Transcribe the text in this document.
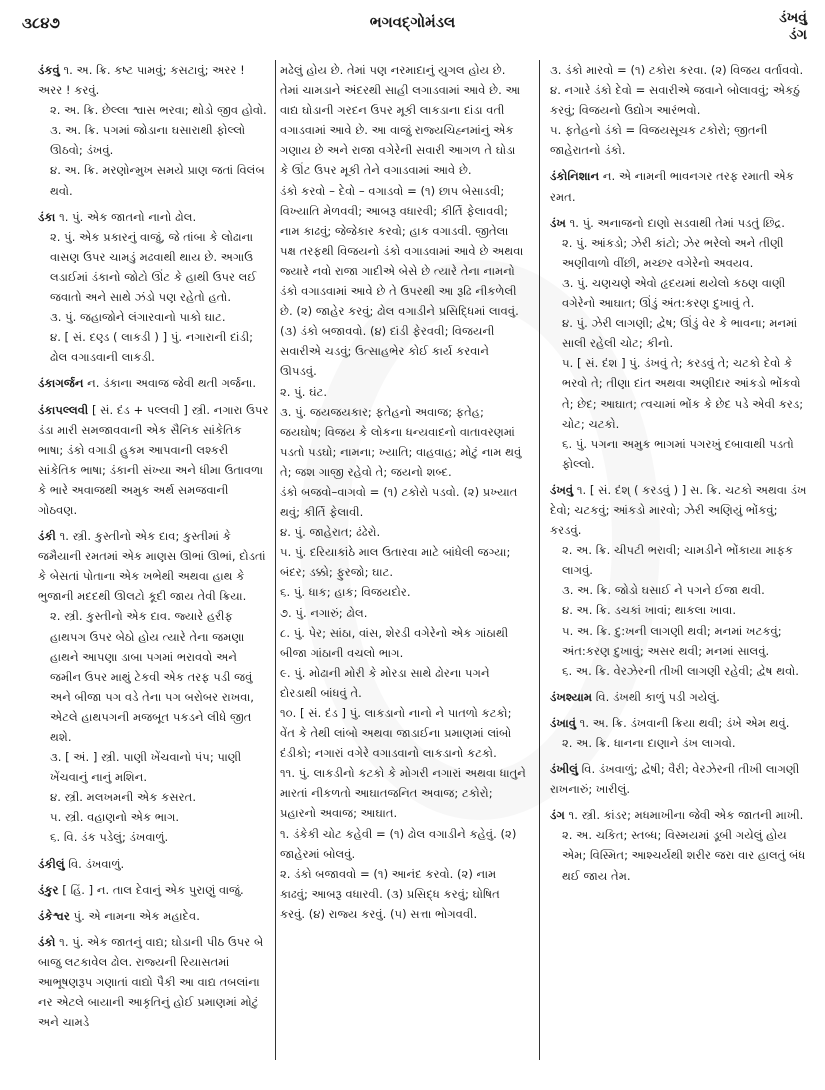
૩૮૪૭	ભગવદ્ગોમંડલ	ડંખવું
ડંગ

ડંકવું ૧. અ. ક્રિ. કષ્ટ પામવું; કસટાવું; અરર ! અરર ! કરવું.

૨. અ. ક્રિ. છેલ્લા શ્વાસ ભરવા; થોડો જીવ હોવો.

૩. અ. ક્રિ. પગમાં જોડાના ઘસારાથી ફોલ્લો ઊઠવો; ડંખવું.

૪. અ. ક્રિ. મરણોન્મુખ સમયે પ્રાણ જતાં વિલંબ થવો.

ડંકા ૧. પું. એક જાતનો નાનો ઢોલ.

૨. પું. એક પ્રકારનું વાજું, જે તાંબા કે લોઢાના વાસણ ઉપર ચામડું મઢવાથી થાય છે. અગાઉ લડાઈમાં ડંકાનો જોટો ઊંટ કે હાથી ઉપર લઈ જવાતો અને સાથે ઝંડો પણ રહેતો હતો.

૩. પું. જહાજોને લંગારવાનો પાકો ઘાટ.

૪. [ સં. દણ્ડ ( લાકડી ) ] પું. નગારાની દાંડી; ઢોલ વગાડવાની લાકડી.

ડંકાગર્જન ન. ડંકાના અવાજ જેવી થતી ગર્જના.

ડંકાપલ્લવી [ સં. દંડ + પલ્લવી ] સ્ત્રી. નગારા ઉપર ડંડા મારી સમજાવવાની એક સૈનિક સાંકેતિક ભાષા; ડંકો વગાડી હુકમ આપવાની લશ્કરી સાંકેતિક ભાષા; ડંકાની સંખ્યા અને ધીમા ઉતાવળા કે ભારે અવાજથી અમુક અર્થ સમજવાની ગોઠવણ.

ડંકી ૧. સ્ત્રી. કુસ્તીનો એક દાવ; કુસ્તીમાં કે જમૈયાની રમતમાં એક માણસ ઊભાં ઊભાં, દોડતાં કે બેસતાં પોતાના એક ખભેથી અથવા હાથ કે ભુજાની મદદથી ઊલટો કૂદી જાય તેવી ક્રિયા.

૨. સ્ત્રી. કુસ્તીનો એક દાવ. જ્યારે હરીફ હાથપગ ઉપર બેઠો હોય ત્યારે તેના જમણા હાથને આપણા ડાબા પગમાં ભરાવવો અને જમીન ઉપર માથું ટેકવી એક તરફ પડી જવું અને બીજા પગ વડે તેના પગ બરોબર રાખવા, એટલે હાથપગની મજબૂત પકડને લીધે જીત થશે.

૩. [ અં. ] સ્ત્રી. પાણી ખેંચવાનો પંપ; પાણી ખેંચવાનું નાનું મશિન.

૪. સ્ત્રી. મલખમની એક કસરત.

૫. સ્ત્રી. વહાણનો એક ભાગ.

૬. વિ. ડંક પડેલું; ડંખવાળું.

ડંકીલું વિ. ડંખવાળું.

ડંકુર [ હિં. ] ન. તાલ દેવાનું એક પુરાણું વાજું.

ડંકેશ્વર પું. એ નામના એક મહાદેવ.

ડંકો ૧. પું. એક જાતનું વાદ્ય; ઘોડાની પીઠ ઉપર બે બાજુ લટકાવેલ ઢોલ. રાજ્યની રિયાસતમાં આભૂષણરૂપ ગણાતાં વાદ્યો પૈકી આ વાદ્ય તબલાંના નર એટલે બાયાની આકૃતિનું હોઈ પ્રમાણમાં મોટું અને ચામડે

મઢેલું હોય છે. તેમાં પણ નરમાદાનું યુગલ હોય છે. તેમાં ચામડાને અંદરથી સાહી લગાડવામાં આવે છે. આ વાદ્ય ઘોડાની ગરદન ઉપર મૂકી લાકડાના દાંડા વતી વગાડવામાં આવે છે. આ વાજું રાજ્યચિહ્નમાંનું એક ગણાય છે અને રાજા વગેરેની સવારી આગળ તે ઘોડા કે ઊંટ ઉપર મૂકી તેને વગાડવામાં આવે છે.

ડંકો કરવો – દેવો – વગાડવો = (૧) છાપ બેસાડવી; વિખ્યાતિ મેળવવી; આબરૂ વધારવી; કીર્તિ ફેલાવવી; નામ કાઢવું; જેજેકાર કરવો; હાક વગાડવી. જીતેલા પક્ષ તરફથી વિજયનો ડંકો વગાડવામાં આવે છે અથવા જ્યારે નવો રાજા ગાદીએ બેસે છે ત્યારે તેના નામનો ડંકો વગાડવામાં આવે છે તે ઉપરથી આ રૂઢિ નીકળેલી છે. (૨) જાહેર કરવું; ઢોલ વગાડીને પ્રસિદ્ધિમાં લાવવું. (૩) ડંકો બજાવવો. (૪) દાંડી ફેરવવી; વિજયની સવારીએ ચડવું; ઉત્સાહભેર કોઈ કાર્ય કરવાને ઊપડવું.

૨. પું. ઘંટ.

૩. પું. જયજયકાર; ફતેહનો અવાજ; ફતેહ; જયઘોષ; વિજય કે લોકના ધન્યવાદનો વાતાવરણમાં પડતો પડઘો; નામના; ખ્યાતિ; વાહવાહ; મોટું નામ થવું તે; જશ ગાજી રહેવો તે; જયનો શબ્દ.

ડંકો બજવો–વાગવો = (૧) ટકોરો પડવો. (૨) પ્રખ્યાત થવું; કીર્તિ ફેલાવી.

૪. પું. જાહેરાત; ઢંઢેરો.

૫. પું. દરિયાકાંઠે માલ ઉતારવા માટે બાંધેલી જગ્યા; બંદર; ડક્કો; ફુરજો; ઘાટ.

૬. પું. ધાક; હાક; વિજયદોર.

૭. પું. નગારું; ઢોલ.

૮. પું. પેર; સાંઠા, વાંસ, શેરડી વગેરેનો એક ગાંઠાથી બીજા ગાંઠાની વચલો ભાગ.

૯. પું. મોઢાની મોરી કે મોરડા સાથે ઢોરના પગને દોરડાથી બાંધવું તે.

૧૦. [ સં. દંડ ] પું. લાકડાનો નાનો ને પાતળો કટકો; વેંત કે તેથી લાંબો અથવા જાડાઈના પ્રમાણમાં લાંબો દંડીકો; નગારાં વગેરે વગાડવાનો લાકડાનો કટકો.

૧૧. પું. લાકડીનો કટકો કે મોગરી નગારાં અથવા ધાતુને મારતાં નીકળતો આઘાતજનિત અવાજ; ટકોરો; પ્રહારનો અવાજ; આઘાત.

૧. ડંકેકી ચોટ કહેવી = (૧) ઢોલ વગાડીને કહેવું. (૨) જાહેરમાં બોલવું.

૨. ડંકો બજાવવો = (૧) આનંદ કરવો. (૨) નામ કાઢવું; આબરૂ વધારવી. (૩) પ્રસિદ્ધ કરવું; ઘોષિત કરવું. (૪) રાજ્ય કરવું. (૫) સત્તા ભોગવવી.

૩. ડંકો મારવો = (૧) ટકોરા કરવા. (૨) વિજય વર્તાવવો.

૪. નગારે ડંકો દેવો = સવારીએ જવાને બોલાવવું; એકઠું કરવું; વિજયનો ઉદ્યોગ આરંભવો.

૫. ફતેહનો ડંકો = વિજયસૂચક ટકોરો; જીતની જાહેરાતનો ડંકો.

ડંકોનિશાન ન. એ નામની ભાવનગર તરફ રમાતી એક રમત.

ડંખ ૧. પું. અનાજનો દાણો સડવાથી તેમાં પડતું છિદ્ર.

૨. પું. આંકડો; ઝેરી કાંટો; ઝેર ભરેલો અને તીણી અણીવાળો વીંછી, મચ્છર વગેરેનો અવયવ.

૩. પું. ચણચણે એવો હૃદયમાં થયેલો કઠણ વાણી વગેરેનો આઘાત; ઊંડું અંત:કરણ દુખાવું તે.

૪. પું. ઝેરી લાગણી; દ્વેષ; ઊંડું વેર કે ભાવના; મનમાં સાલી રહેલી ચોટ; કીનો.

૫. [ સં. દંશ ] પું. ડંખવું તે; કરડવું તે; ચટકો દેવો કે ભરવો તે; તીણા દાંત અથવા અણીદાર આંકડો ભોંકવો તે; છેદ; આઘાત; ત્વચામાં ભોંક કે છેદ પડે એવી કરડ; ચોટ; ચટકો.

૬. પું. પગના અમુક ભાગમાં પગરખું દબાવાથી પડતો ફોલ્લો.

ડંખવું ૧. [ સં. દંશ્ ( કરડવું ) ] સ. ક્રિ. ચટકો અથવા ડંખ દેવો; ચટકવું; આંકડો મારવો; ઝેરી અણિયું ભોંકવું; કરડવું.

૨. અ. ક્રિ. ચીપટી ભરાવી; ચામડીને ભોંકાયા માફક લાગવું.

૩. અ. ક્રિ. જોડો ઘસાઈ ને પગને ઈજા થવી.

૪. અ. ક્રિ. ડચકાં ખાવાં; થાકલા ખાવા.

૫. અ. ક્રિ. દુ:ખની લાગણી થવી; મનમાં ખટકવું; અંત:કરણ દુખાવું; અસર થવી; મનમાં સાલવું.

૬. અ. ક્રિ. વેરઝેરની તીખી લાગણી રહેવી; દ્વેષ થવો.

ડંખશ્યામ વિ. ડંખથી કાળું પડી ગયેલું.

ડંખાવું ૧. અ. ક્રિ. ડંખવાની ક્રિયા થવી; ડંખે એમ થવું.

૨. અ. ક્રિ. ધાનના દાણાને ડંખ લાગવો.

ડંખીલું વિ. ડંખવાળું; દ્વેષી; વૈરી; વેરઝેરની તીખી લાગણી રાખનારું; ખારીલું.

ડંગ ૧. સ્ત્રી. કાંડર; મધમાખીના જેવી એક જાતની માખી.

૨. અ. ચકિત; સ્તબ્ધ; વિસ્મયમાં ડૂબી ગયેલું હોય એમ; વિસ્મિત; આશ્ચર્યથી શરીર જરા વાર હાલતું બંધ થઈ જાય તેમ.
